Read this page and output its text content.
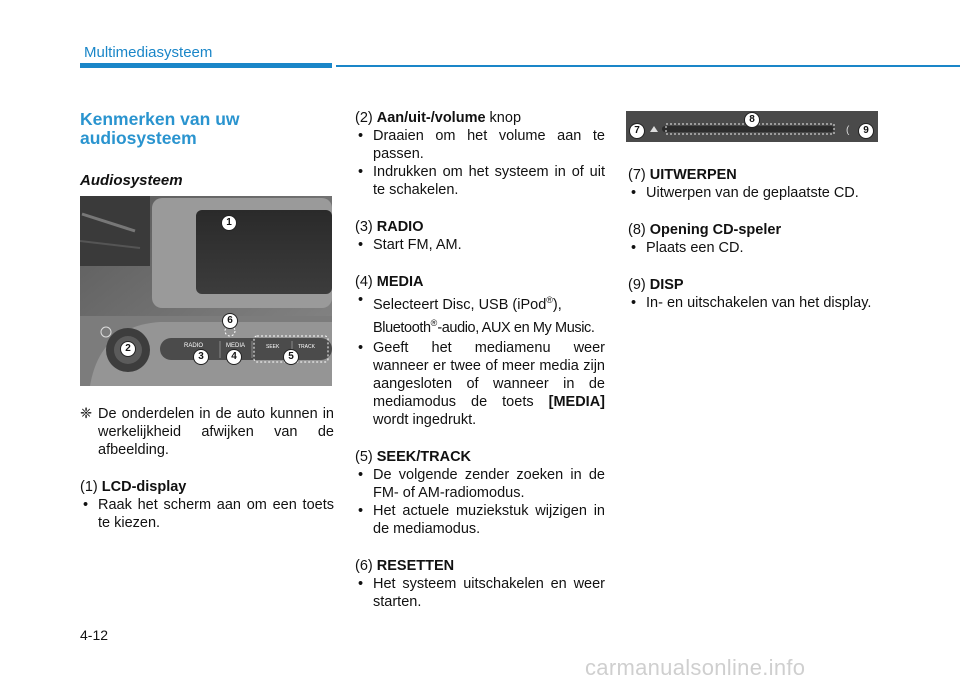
Multimediasysteem
Kenmerken van uw
audiosysteem
Audiosysteem
RADIO	MEDIA	SEEK	TRACK
1
2
3	4	5
6
(
7
8
9

❈ De onderdelen in de auto kunnen in werkelijkheid afwijken van de afbeelding.

(1) LCD-display

• Raak het scherm aan om een toets te kiezen.

(2) Aan/uit-/volume knop

• Draaien om het volume aan te passen.

• Indrukken om het systeem in of uit te schakelen.

(3) RADIO

• Start FM, AM.

(4) MEDIA

• Selecteert Disc, USB (iPod®),
Bluetooth®-audio, AUX en My Music.

• Geeft het mediamenu weer wanneer er twee of meer media zijn aangesloten of wanneer in de mediamodus de toets [MEDIA] wordt ingedrukt.

(5) SEEK/TRACK

• De volgende zender zoeken in de FM- of AM-radiomodus.

• Het actuele muziekstuk wijzigen in de mediamodus.

(6) RESETTEN

• Het systeem uitschakelen en weer starten.

(7) UITWERPEN

• Uitwerpen van de geplaatste CD.

(8) Opening CD-speler

• Plaats een CD.

(9) DISP

• In- en uitschakelen van het display.

4-12
carmanualsonline.info
